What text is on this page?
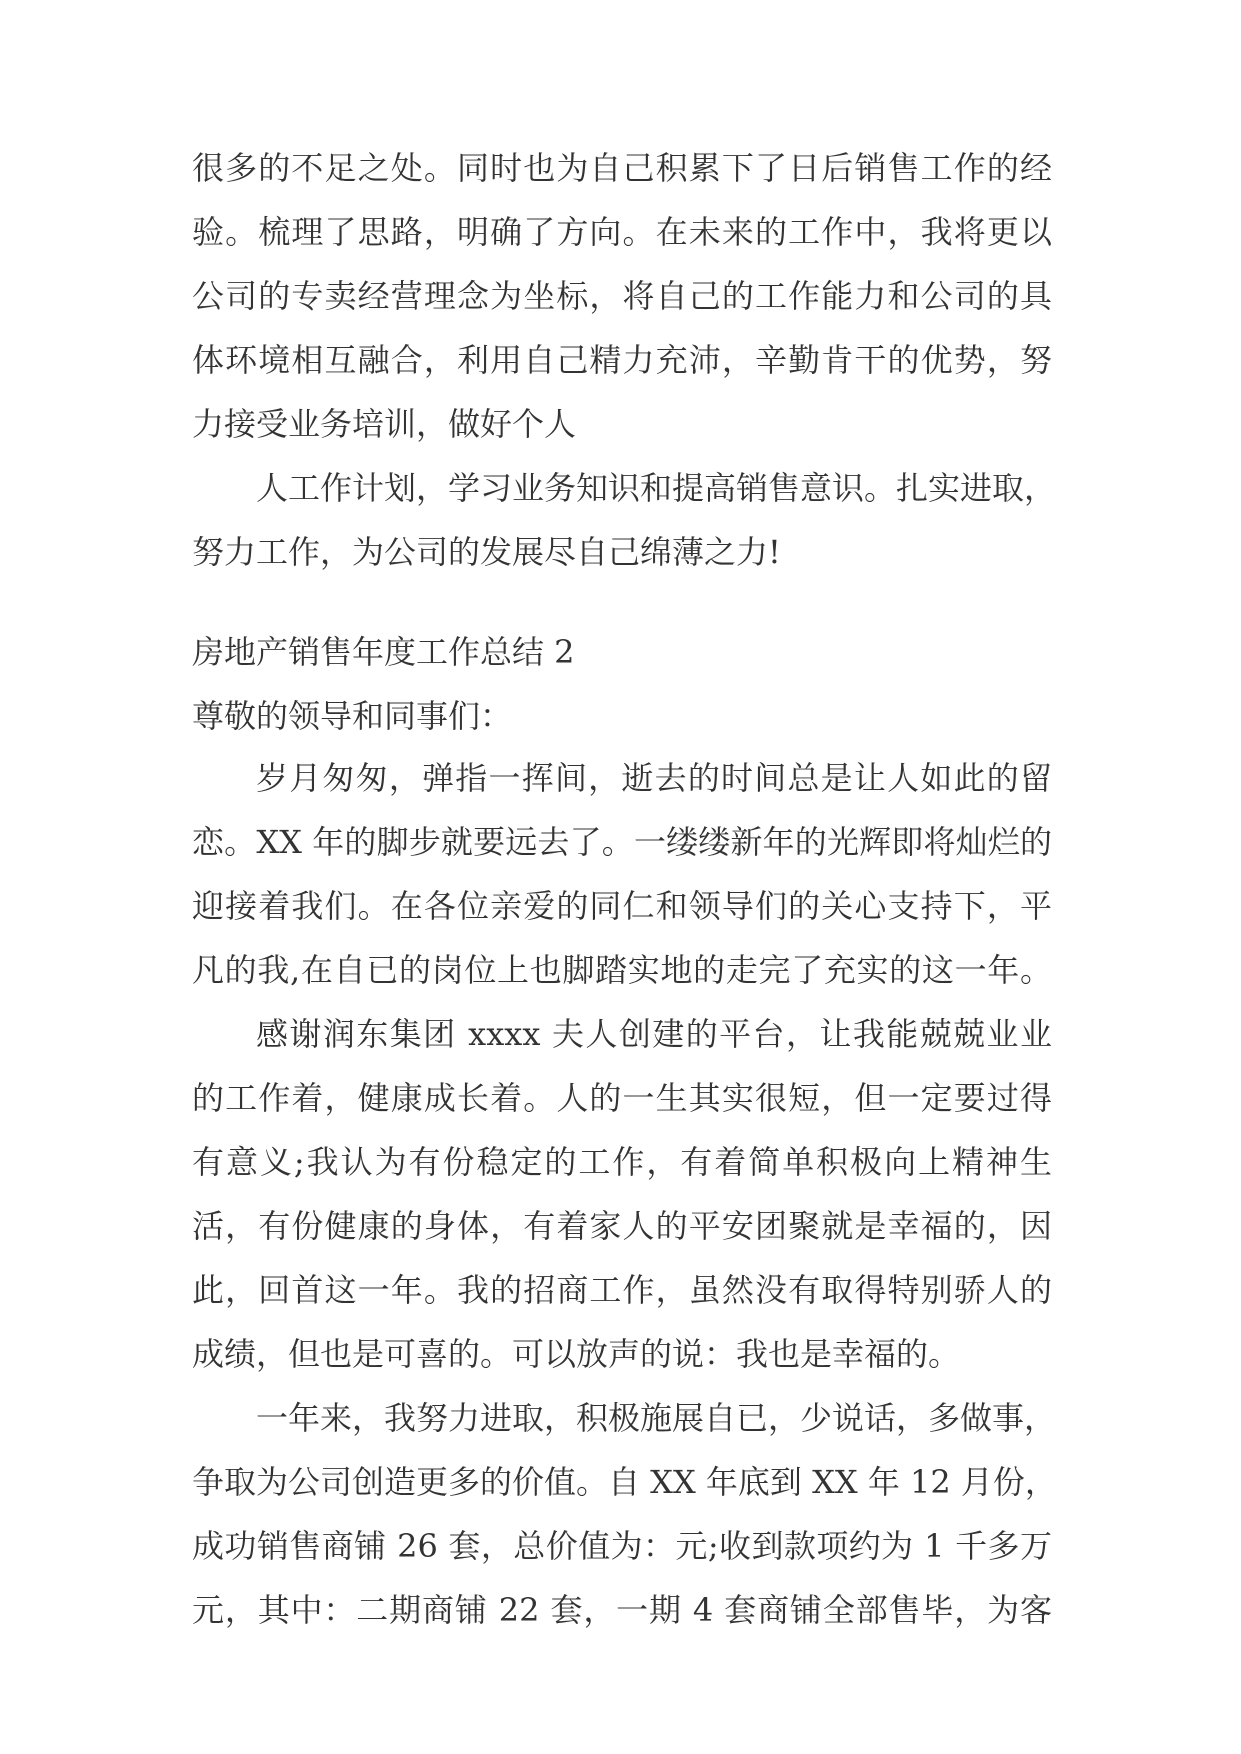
很多的不足之处。同时也为自己积累下了日后销售工作的经
验。梳理了思路，明确了方向。在未来的工作中，我将更以
公司的专卖经营理念为坐标，将自己的工作能力和公司的具
体环境相互融合，利用自己精力充沛，辛勤肯干的优势，努
力接受业务培训，做好个人
人工作计划，学习业务知识和提高销售意识。扎实进取，
努力工作，为公司的发展尽自己绵薄之力!
房地产销售年度工作总结 2
尊敬的领导和同事们：
岁月匆匆，弹指一挥间，逝去的时间总是让人如此的留
恋。XX 年的脚步就要远去了。一缕缕新年的光辉即将灿烂的
迎接着我们。在各位亲爱的同仁和领导们的关心支持下，平
凡的我,在自已的岗位上也脚踏实地的走完了充实的这一年。
感谢润东集团 xxxx 夫人创建的平台，让我能兢兢业业
的工作着，健康成长着。人的一生其实很短，但一定要过得
有意义;我认为有份稳定的工作，有着简单积极向上精神生
活，有份健康的身体，有着家人的平安团聚就是幸福的，因
此，回首这一年。我的招商工作，虽然没有取得特别骄人的
成绩，但也是可喜的。可以放声的说：我也是幸福的。
一年来，我努力进取，积极施展自已，少说话，多做事，
争取为公司创造更多的价值。自 XX 年底到 XX 年 12 月份，
成功销售商铺 26 套，总价值为：元;收到款项约为 1 千多万
元，其中：二期商铺 22 套，一期 4 套商铺全部售毕，为客
